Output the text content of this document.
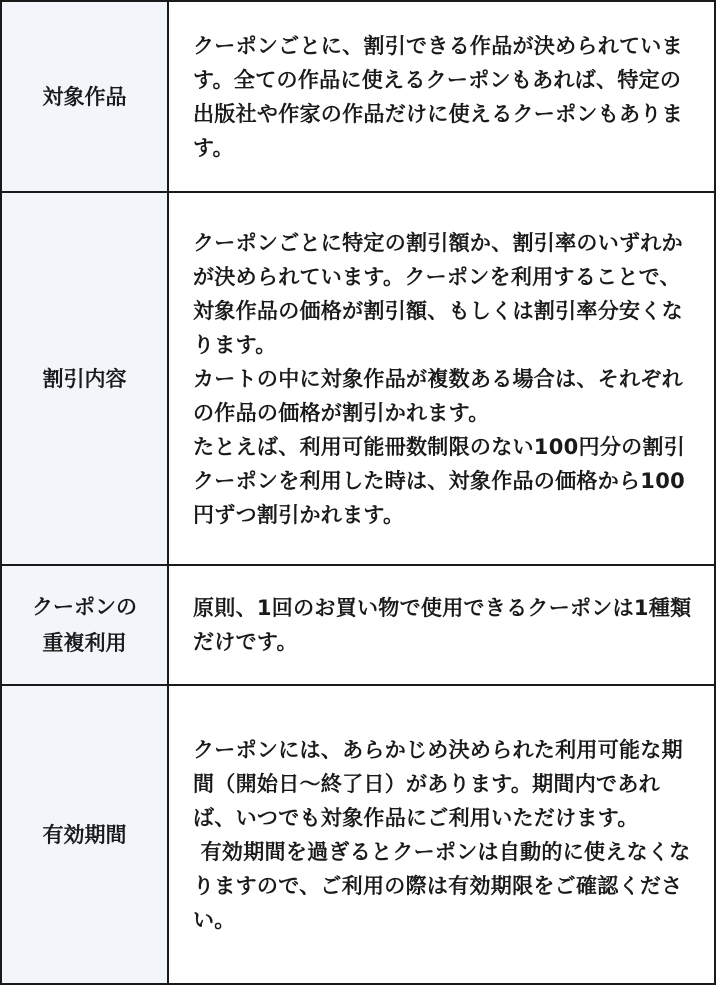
対象作品	クーポンごとに、割引できる作品が決められています。全ての作品に使えるクーポンもあれば、特定の出版社や作家の作品だけに使えるクーポンもあります。

割引内容	クーポンごとに特定の割引額か、割引率のいずれかが決められています。クーポンを利用することで、対象作品の価格が割引額、もしくは割引率分安くなります。

カートの中に対象作品が複数ある場合は、それぞれの作品の価格が割引かれます。

たとえば、利用可能冊数制限のない100円分の割引クーポンを利用した時は、対象作品の価格から100円ずつ割引かれます。

クーポンの
重複利用	原則、1回のお買い物で使用できるクーポンは1種類だけです。

有効期間	クーポンには、あらかじめ決められた利用可能な期間（開始日～終了日）があります。期間内であれば、いつでも対象作品にご利用いただけます。

有効期間を過ぎるとクーポンは自動的に使えなくなりますので、ご利用の際は有効期限をご確認ください。
